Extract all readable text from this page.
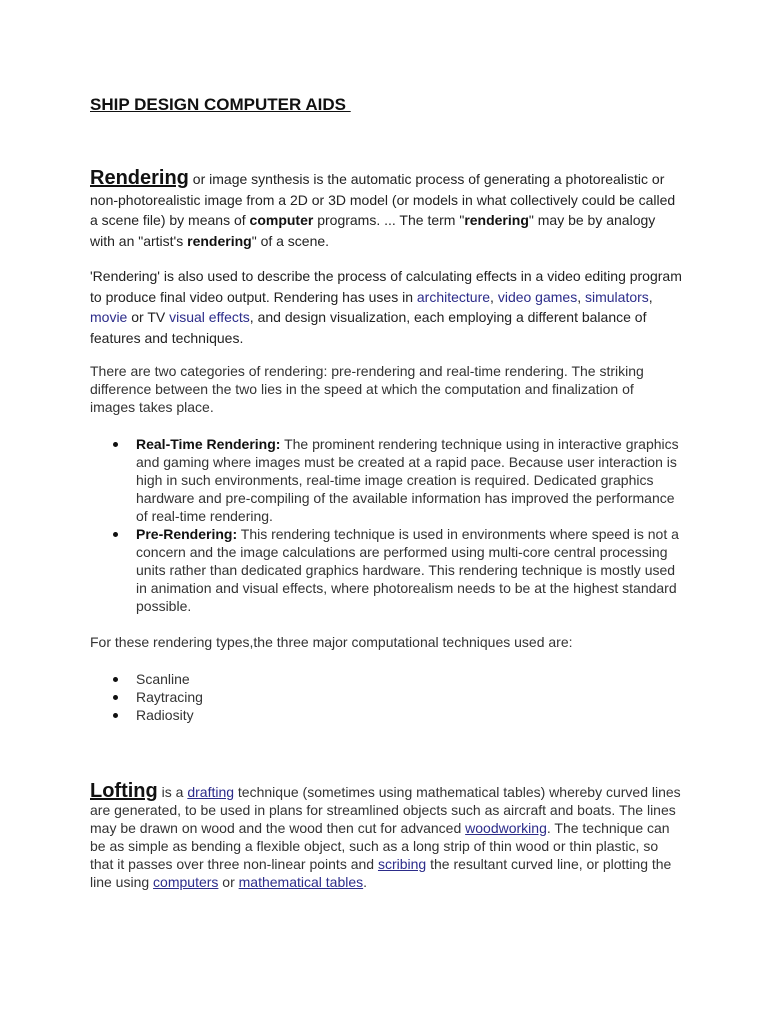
SHIP DESIGN COMPUTER AIDS

Rendering or image synthesis is the automatic process of generating a photorealistic or non-photorealistic image from a 2D or 3D model (or models in what collectively could be called a scene file) by means of computer programs. ... The term "rendering" may be by analogy with an "artist's rendering" of a scene.

'Rendering' is also used to describe the process of calculating effects in a video editing program to produce final video output. Rendering has uses in architecture, video games, simulators, movie or TV visual effects, and design visualization, each employing a different balance of features and techniques.

There are two categories of rendering: pre-rendering and real-time rendering. The striking difference between the two lies in the speed at which the computation and finalization of images takes place.

Real-Time Rendering: The prominent rendering technique using in interactive graphics and gaming where images must be created at a rapid pace. Because user interaction is high in such environments, real-time image creation is required. Dedicated graphics hardware and pre-compiling of the available information has improved the performance of real-time rendering.
Pre-Rendering: This rendering technique is used in environments where speed is not a concern and the image calculations are performed using multi-core central processing units rather than dedicated graphics hardware. This rendering technique is mostly used in animation and visual effects, where photorealism needs to be at the highest standard possible.

For these rendering types,the three major computational techniques used are:

Scanline
Raytracing
Radiosity

Lofting is a drafting technique (sometimes using mathematical tables) whereby curved lines are generated, to be used in plans for streamlined objects such as aircraft and boats. The lines may be drawn on wood and the wood then cut for advanced woodworking. The technique can be as simple as bending a flexible object, such as a long strip of thin wood or thin plastic, so that it passes over three non-linear points and scribing the resultant curved line, or plotting the line using computers or mathematical tables.
